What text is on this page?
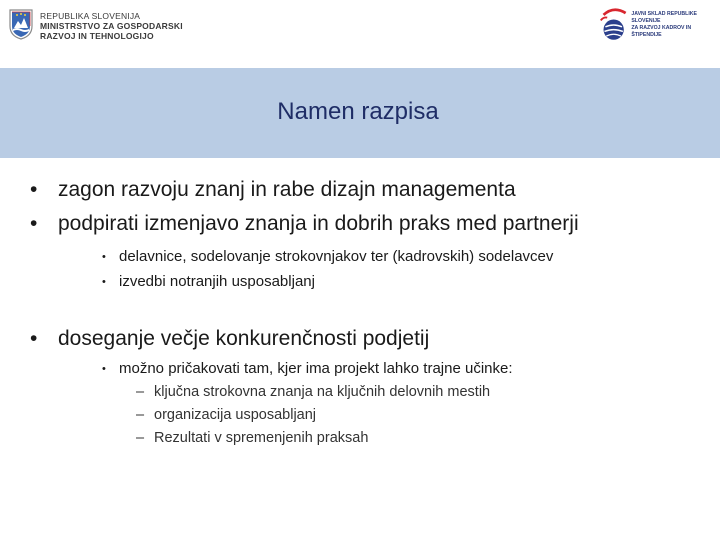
REPUBLIKA SLOVENIJA
MINISTRSTVO ZA GOSPODARSKI
RAZVOJ IN TEHNOLOGIJO
JAVNI SKLAD REPUBLIKE SLOVENIJE
ZA RAZVOJ KADROV IN ŠTIPENDIJE
Namen razpisa
• zagon razvoju znanj in rabe dizajn managementa
• podpirati izmenjavo znanja in dobrih praks med partnerji
• delavnice, sodelovanje strokovnjakov ter (kadrovskih) sodelavcev
• izvedbi notranjih usposabljanj
• doseganje večje konkurenčnosti podjetij
• možno pričakovati tam, kjer ima projekt lahko trajne učinke:
– ključna strokovna znanja na ključnih delovnih mestih
– organizacija usposabljanj
– Rezultati v spremenjenih praksah
